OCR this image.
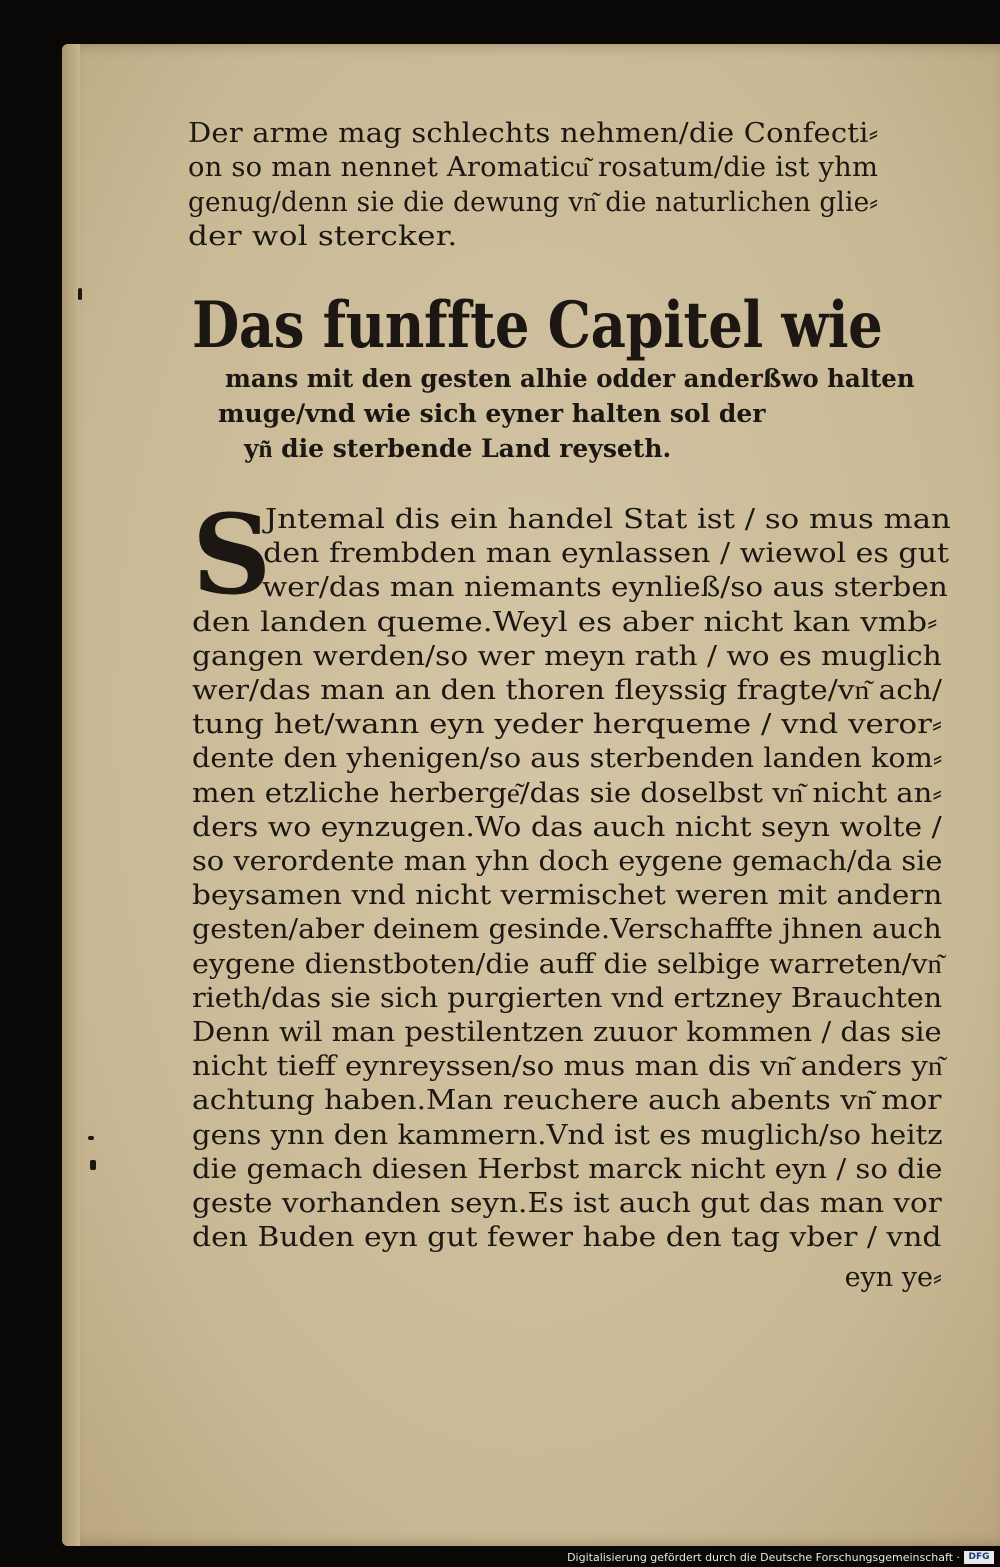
Der arme mag schlechts nehmen/die Confecti⸗
on so man nennet Aromaticu͂ rosatum/die ist yhm
genug/denn sie die dewung vn͂ die naturlichen glie⸗
der wol stercker.
Das funffte Capitel wie
mans mit den gesten alhie odder anderßwo halten
muge/vnd wie sich eyner halten sol der
yn͂ die sterbende Land reyseth.
S
Jntemal dis ein handel Stat ist / so mus man
den frembden man eynlassen / wiewol es gut
wer/das man niemants eynließ/so aus sterben
den landen queme.Weyl es aber nicht kan vmb⸗
gangen werden/so wer meyn rath / wo es muglich
wer/das man an den thoren fleyssig fragte/vn͂ ach/
tung het/wann eyn yeder herqueme / vnd veror⸗
dente den yhenigen/so aus sterbenden landen kom⸗
men etzliche herberge͂/das sie doselbst vn͂ nicht an⸗
ders wo eynzugen.Wo das auch nicht seyn wolte /
so verordente man yhn doch eygene gemach/da sie
beysamen vnd nicht vermischet weren mit andern
gesten/aber deinem gesinde.Verschaffte jhnen auch
eygene dienstboten/die auff die selbige warreten/vn͂
rieth/das sie sich purgierten vnd ertzney Brauchten
Denn wil man pestilentzen zuuor kommen / das sie
nicht tieff eynreyssen/so mus man dis vn͂ anders yn͂
achtung haben.Man reuchere auch abents vn͂ mor
gens ynn den kammern.Vnd ist es muglich/so heitz
die gemach diesen Herbst marck nicht eyn / so die
geste vorhanden seyn.Es ist auch gut das man vor
den Buden eyn gut fewer habe den tag vber / vnd
eyn ye⸗
Digitalisierung gefördert durch die Deutsche Forschungsgemeinschaft · DFG
